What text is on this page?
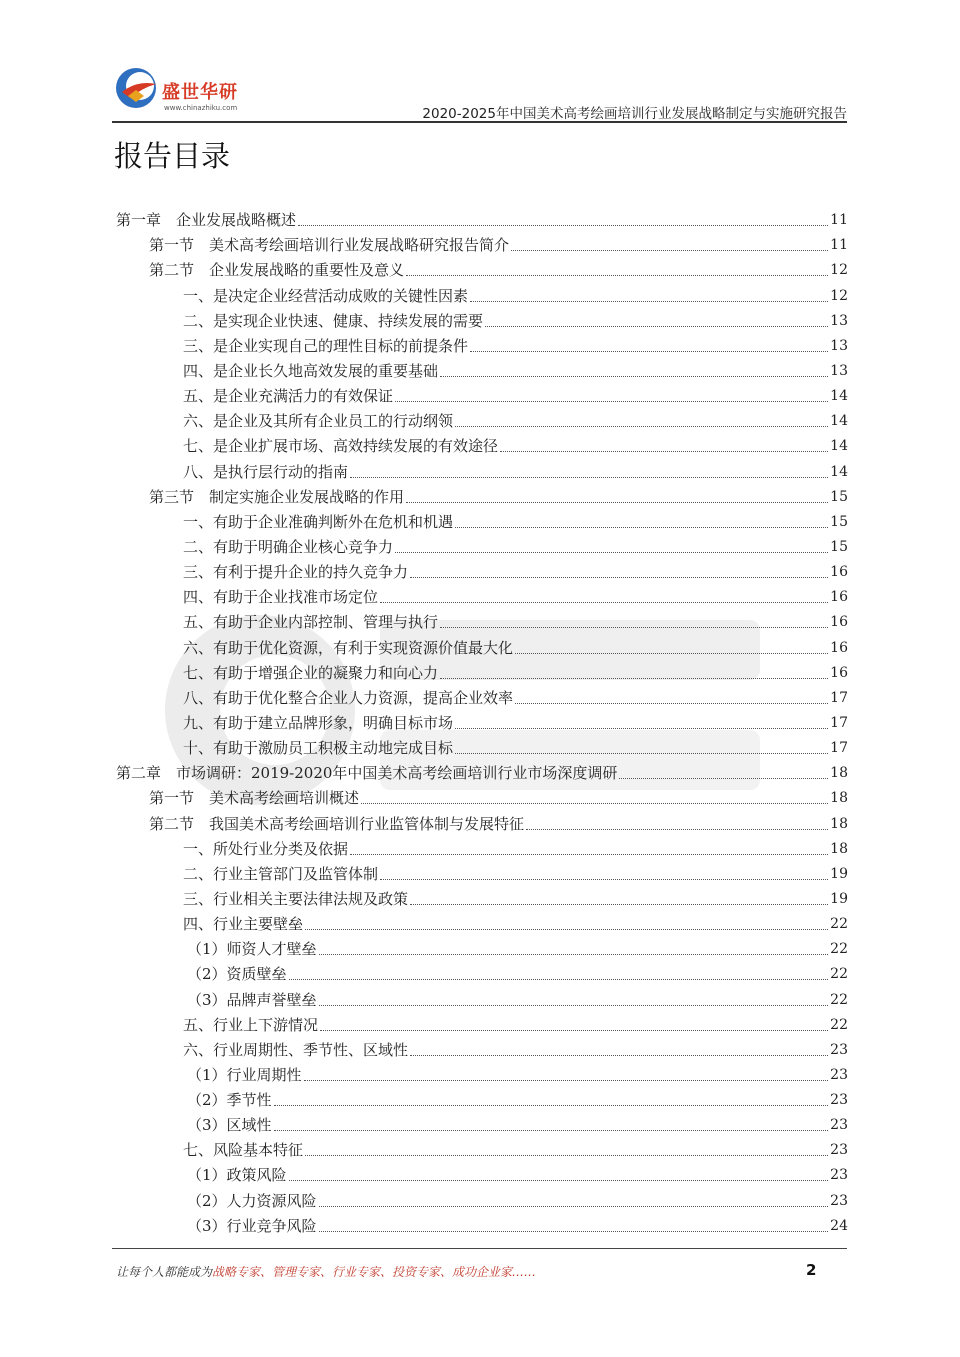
盛世华研
www.chinazhiku.com	2020-2025年中国美术高考绘画培训行业发展战略制定与实施研究报告
报告目录
第一章　企业发展战略概述	11
第一节　美术高考绘画培训行业发展战略研究报告简介	11
第二节　企业发展战略的重要性及意义	12
一、是决定企业经营活动成败的关键性因素	12
二、是实现企业快速、健康、持续发展的需要	13
三、是企业实现自己的理性目标的前提条件	13
四、是企业长久地高效发展的重要基础	13
五、是企业充满活力的有效保证	14
六、是企业及其所有企业员工的行动纲领	14
七、是企业扩展市场、高效持续发展的有效途径	14
八、是执行层行动的指南	14
第三节　制定实施企业发展战略的作用	15
一、有助于企业准确判断外在危机和机遇	15
二、有助于明确企业核心竞争力	15
三、有利于提升企业的持久竞争力	16
四、有助于企业找准市场定位	16
五、有助于企业内部控制、管理与执行	16
六、有助于优化资源，有利于实现资源价值最大化	16
七、有助于增强企业的凝聚力和向心力	16
八、有助于优化整合企业人力资源，提高企业效率	17
九、有助于建立品牌形象，明确目标市场	17
十、有助于激励员工积极主动地完成目标	17
第二章　市场调研：2019-2020年中国美术高考绘画培训行业市场深度调研	18
第一节　美术高考绘画培训概述	18
第二节　我国美术高考绘画培训行业监管体制与发展特征	18
一、所处行业分类及依据	18
二、行业主管部门及监管体制	19
三、行业相关主要法律法规及政策	19
四、行业主要壁垒	22
（1）师资人才壁垒	22
（2）资质壁垒	22
（3）品牌声誉壁垒	22
五、行业上下游情况	22
六、行业周期性、季节性、区域性	23
（1）行业周期性	23
（2）季节性	23
（3）区域性	23
七、风险基本特征	23
（1）政策风险	23
（2）人力资源风险	23
（3）行业竞争风险	24
让每个人都能成为战略专家、管理专家、行业专家、投资专家、成功企业家……	2
